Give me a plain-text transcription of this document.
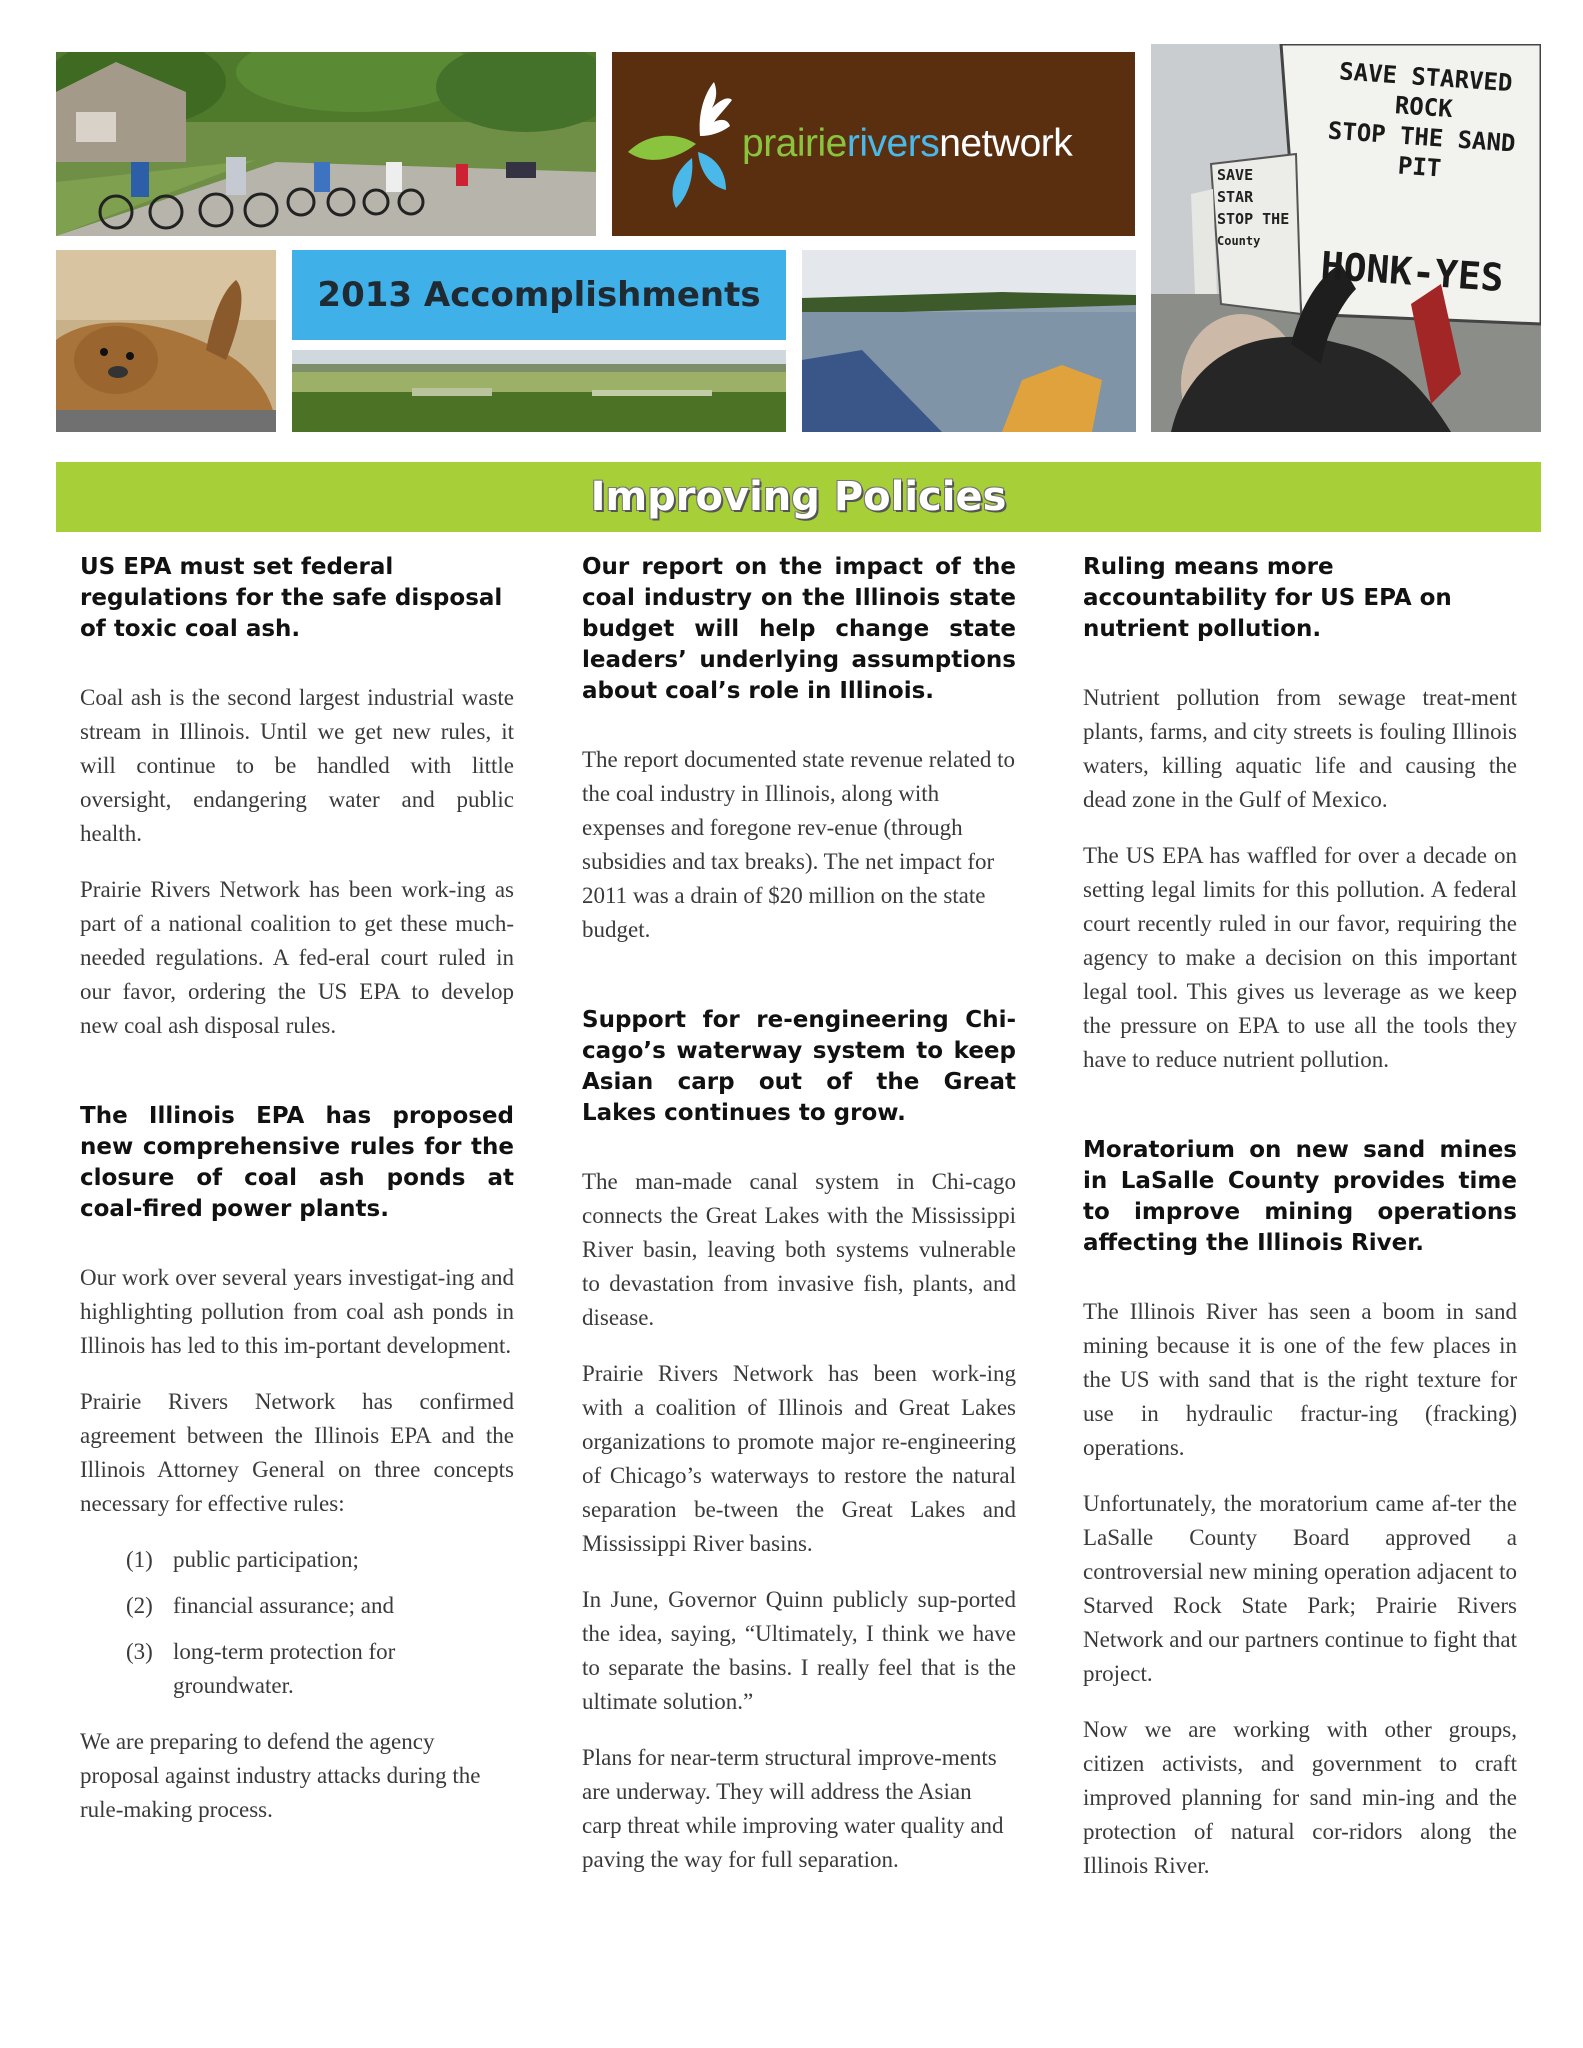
prairieriversnetwork
SAVE STARVED ROCK
STOP THE SAND PIT
HONK-YES
SAVE STAR
STOP THE
County
2013 Accomplishments
Improving Policies

US EPA must set federal regulations for the safe disposal of toxic coal ash.

Coal ash is the second largest industrial waste stream in Illinois. Until we get new rules, it will continue to be handled with little oversight, endangering water and public health.

Prairie Rivers Network has been work-ing as part of a national coalition to get these much-needed regulations. A fed-eral court ruled in our favor, ordering the US EPA to develop new coal ash disposal rules.

The Illinois EPA has proposed new comprehensive rules for the closure of coal ash ponds at coal-fired power plants.

Our work over several years investigat-ing and highlighting pollution from coal ash ponds in Illinois has led to this im-portant development.

Prairie Rivers Network has confirmed agreement between the Illinois EPA and the Illinois Attorney General on three concepts necessary for effective rules:

(1) public participation;
(2) financial assurance; and
(3) long-term protection for groundwater.

We are preparing to defend the agency proposal against industry attacks during the rule-making process.

Our report on the impact of the coal industry on the Illinois state budget will help change state leaders’ underlying assumptions about coal’s role in Illinois.

The report documented state revenue related to the coal industry in Illinois, along with expenses and foregone rev-enue (through subsidies and tax breaks). The net impact for 2011 was a drain of $20 million on the state budget.

Support for re-engineering Chi-cago’s waterway system to keep Asian carp out of the Great Lakes continues to grow.

The man-made canal system in Chi-cago connects the Great Lakes with the Mississippi River basin, leaving both systems vulnerable to devastation from invasive fish, plants, and disease.

Prairie Rivers Network has been work-ing with a coalition of Illinois and Great Lakes organizations to promote major re-engineering of Chicago’s waterways to restore the natural separation be-tween the Great Lakes and Mississippi River basins.

In June, Governor Quinn publicly sup-ported the idea, saying, “Ultimately, I think we have to separate the basins. I really feel that is the ultimate solution.”

Plans for near-term structural improve-ments are underway. They will address the Asian carp threat while improving water quality and paving the way for full separation.

Ruling means more accountability for US EPA on nutrient pollution.

Nutrient pollution from sewage treat-ment plants, farms, and city streets is fouling Illinois waters, killing aquatic life and causing the dead zone in the Gulf of Mexico.

The US EPA has waffled for over a decade on setting legal limits for this pollution. A federal court recently ruled in our favor, requiring the agency to make a decision on this important legal tool. This gives us leverage as we keep the pressure on EPA to use all the tools they have to reduce nutrient pollution.

Moratorium on new sand mines in LaSalle County provides time to improve mining operations affecting the Illinois River.

The Illinois River has seen a boom in sand mining because it is one of the few places in the US with sand that is the right texture for use in hydraulic fractur-ing (fracking) operations.

Unfortunately, the moratorium came af-ter the LaSalle County Board approved a controversial new mining operation adjacent to Starved Rock State Park; Prairie Rivers Network and our partners continue to fight that project.

Now we are working with other groups, citizen activists, and government to craft improved planning for sand min-ing and the protection of natural cor-ridors along the Illinois River.
